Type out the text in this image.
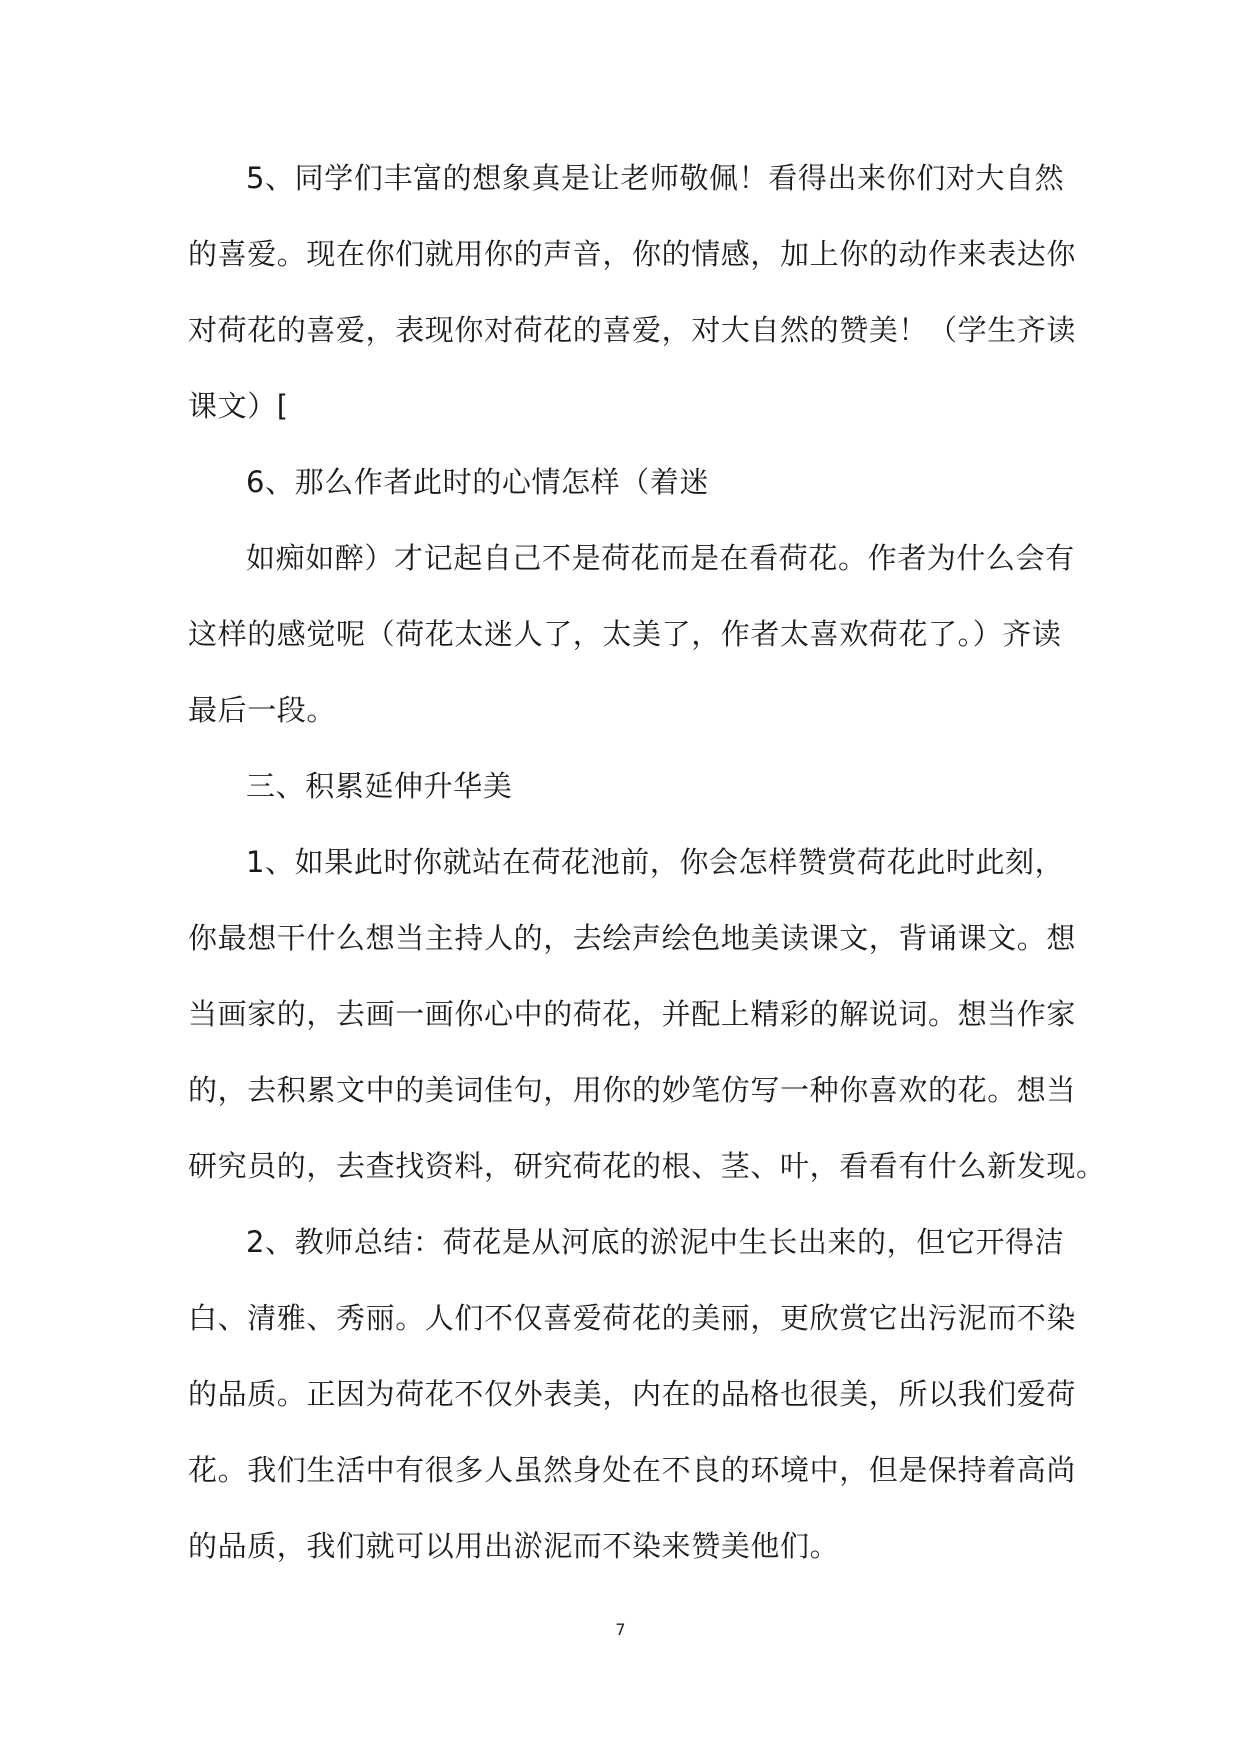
5、同学们丰富的想象真是让老师敬佩！看得出来你们对大自然
的喜爱。现在你们就用你的声音，你的情感，加上你的动作来表达你
对荷花的喜爱，表现你对荷花的喜爱，对大自然的赞美！（学生齐读
课文）[
6、那么作者此时的心情怎样（着迷
如痴如醉）才记起自己不是荷花而是在看荷花。作者为什么会有
这样的感觉呢（荷花太迷人了，太美了，作者太喜欢荷花了。）齐读
最后一段。
三、积累延伸升华美
1、如果此时你就站在荷花池前，你会怎样赞赏荷花此时此刻，
你最想干什么想当主持人的，去绘声绘色地美读课文，背诵课文。想
当画家的，去画一画你心中的荷花，并配上精彩的解说词。想当作家
的，去积累文中的美词佳句，用你的妙笔仿写一种你喜欢的花。想当
研究员的，去查找资料，研究荷花的根、茎、叶，看看有什么新发现。
2、教师总结：荷花是从河底的淤泥中生长出来的，但它开得洁
白、清雅、秀丽。人们不仅喜爱荷花的美丽，更欣赏它出污泥而不染
的品质。正因为荷花不仅外表美，内在的品格也很美，所以我们爱荷
花。我们生活中有很多人虽然身处在不良的环境中，但是保持着高尚
的品质，我们就可以用出淤泥而不染来赞美他们。
7
